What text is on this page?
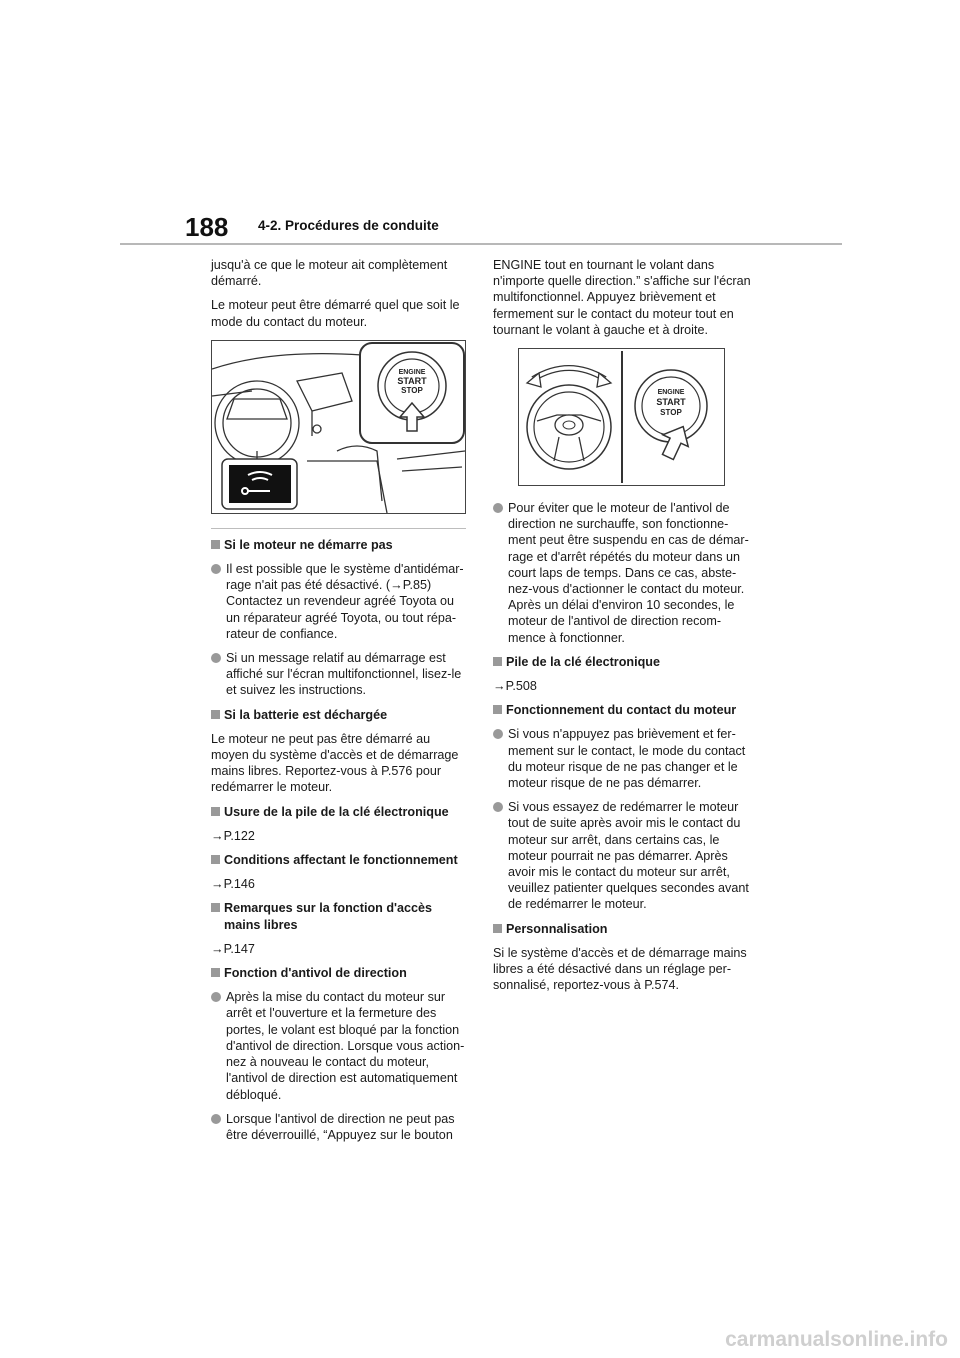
188 4-2. Procédures de conduite

jusqu'à ce que le moteur ait complètement démarré.

Le moteur peut être démarré quel que soit le mode du contact du moteur.

ENGINE
START
STOP
Si le moteur ne démarre pas
Il est possible que le système d'antidémar-rage n'ait pas été désactivé. (→P.85) Contactez un revendeur agréé Toyota ou un réparateur agréé Toyota, ou tout répa-rateur de confiance.
Si un message relatif au démarrage est affiché sur l'écran multifonctionnel, lisez-le et suivez les instructions.
Si la batterie est déchargée

Le moteur ne peut pas être démarré au moyen du système d'accès et de démarrage mains libres. Reportez-vous à P.576 pour redémarrer le moteur.

Usure de la pile de la clé électronique
→P.122
Conditions affectant le fonctionnement
→P.146
Remarques sur la fonction d'accès mains libres
→P.147
Fonction d'antivol de direction
Après la mise du contact du moteur sur arrêt et l'ouverture et la fermeture des portes, le volant est bloqué par la fonction d'antivol de direction. Lorsque vous action-nez à nouveau le contact du moteur, l'antivol de direction est automatiquement débloqué.
Lorsque l'antivol de direction ne peut pas être déverrouillé, “Appuyez sur le bouton

ENGINE tout en tournant le volant dans n'importe quelle direction.” s'affiche sur l'écran multifonctionnel. Appuyez brièvement et fermement sur le contact du moteur tout en tournant le volant à gauche et à droite.

ENGINE
START
STOP
Pour éviter que le moteur de l'antivol de direction ne surchauffe, son fonctionne-ment peut être suspendu en cas de démar-rage et d'arrêt répétés du moteur dans un court laps de temps. Dans ce cas, abste-nez-vous d'actionner le contact du moteur. Après un délai d'environ 10 secondes, le moteur de l'antivol de direction recom-mence à fonctionner.
Pile de la clé électronique
→P.508
Fonctionnement du contact du moteur
Si vous n'appuyez pas brièvement et fer-mement sur le contact, le mode du contact du moteur risque de ne pas changer et le moteur risque de ne pas démarrer.
Si vous essayez de redémarrer le moteur tout de suite après avoir mis le contact du moteur sur arrêt, dans certains cas, le moteur pourrait ne pas démarrer. Après avoir mis le contact du moteur sur arrêt, veuillez patienter quelques secondes avant de redémarrer le moteur.
Personnalisation

Si le système d'accès et de démarrage mains libres a été désactivé dans un réglage per-sonnalisé, reportez-vous à P.574.

carmanualsonline.info
